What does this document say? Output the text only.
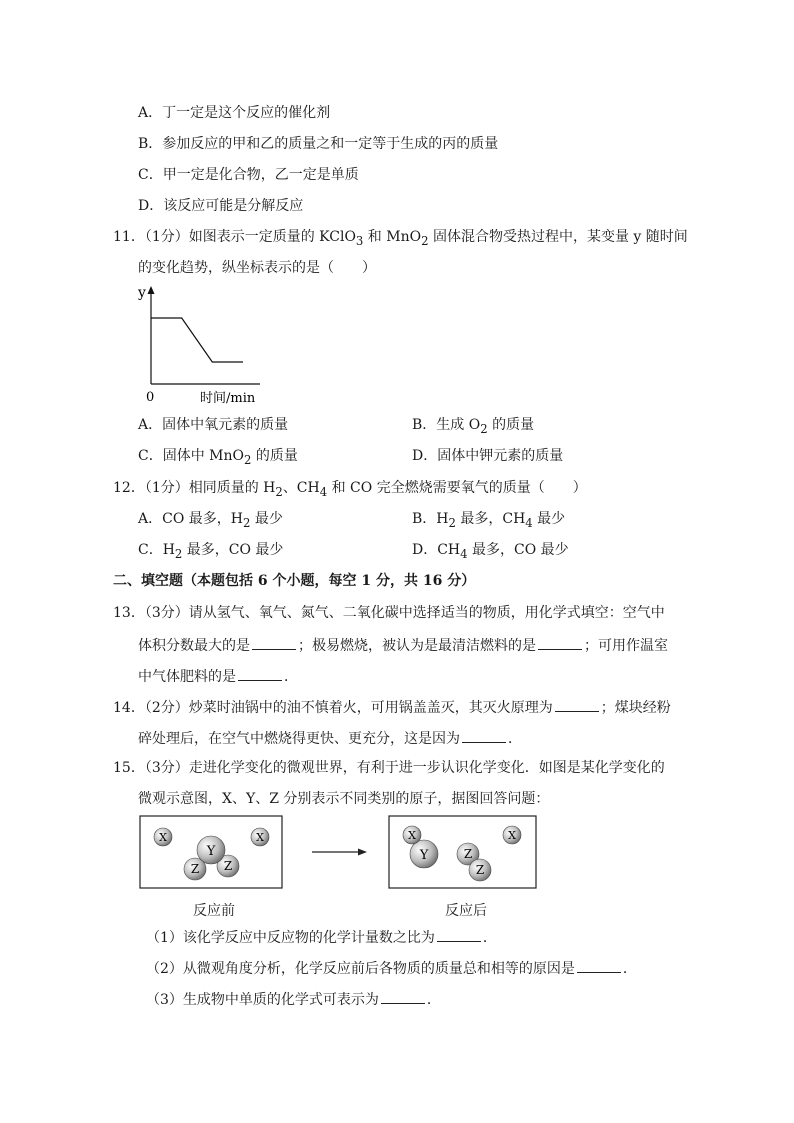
A．丁一定是这个反应的催化剂
B．参加反应的甲和乙的质量之和一定等于生成的丙的质量
C．甲一定是化合物，乙一定是单质
D．该反应可能是分解反应
11．（1分）如图表示一定质量的 KClO$_3$ 和 MnO$_2$ 固体混合物受热过程中，某变量 y 随时间
的变化趋势，纵坐标表示的是（　　）
y
0	时间/min
A．固体中氧元素的质量	B．生成 $O_2$ 的质量
C．固体中 MnO$_2$ 的质量	D．固体中钾元素的质量
12．（1分）相同质量的 $H_2$、$CH_4$ 和 CO 完全燃烧需要氧气的质量（　　）
A．CO 最多，$H_2$ 最少	B．$H_2$ 最多，$CH_4$ 最少
C．$H_2$ 最多，CO 最少	D．$CH_4$ 最多，CO 最少
二、填空题（本题包括 6 个小题，每空 1 分，共 16 分）
13．（3分）请从氢气、氧气、氮气、二氧化碳中选择适当的物质，用化学式填空：空气中
体积分数最大的是	；极易燃烧，被认为是最清洁燃料的是	；可用作温室
中气体肥料的是	．
14．（2分）炒菜时油锅中的油不慎着火，可用锅盖盖灭，其灭火原理为	；煤块经粉
碎处理后，在空气中燃烧得更快、更充分，这是因为	．
15．（3分）走进化学变化的微观世界，有利于进一步认识化学变化．如图是某化学变化的
微观示意图，X、Y、Z 分别表示不同类别的原子，据图回答问题：
X	X
Z Z
Y	Y
X
Z
Z
X
反应前	反应后
（1）该化学反应中反应物的化学计量数之比为	．
（2）从微观角度分析，化学反应前后各物质的质量总和相等的原因是	．
（3）生成物中单质的化学式可表示为	．
